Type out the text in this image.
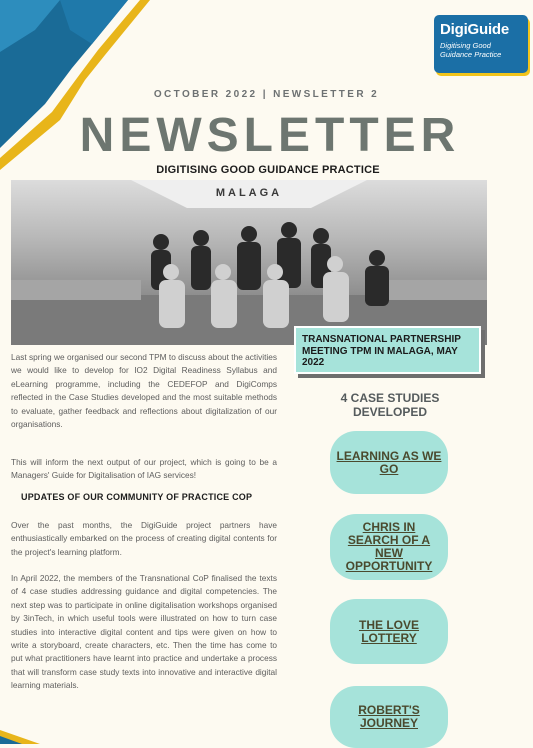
DigiGuide
Digitising Good Guidance Practice
OCTOBER 2022 | NEWSLETTER 2
NEWSLETTER
DIGITISING GOOD GUIDANCE PRACTICE
MALAGA
TRANSNATIONAL PARTNERSHIP MEETING TPM IN MALAGA, MAY 2022
Last spring we organised our second TPM to discuss about the activities we would like to develop for IO2 Digital Readiness Syllabus and eLearning programme, including the CEDEFOP and DigiComps reflected in the Case Studies developed and the most suitable methods to evaluate, gather feedback and reflections about digitalization of our organisations.
This will inform the next output of our project, which is going to be a Managers' Guide for Digitalisation of IAG services!
UPDATES OF OUR COMMUNITY OF PRACTICE COP
Over the past months, the DigiGuide project partners have enthusiastically embarked on the process of creating digital contents for the project's learning platform.
In April 2022, the members of the Transnational CoP finalised the texts of 4 case studies addressing guidance and digital competencies. The next step was to participate in online digitalisation workshops organised by 3inTech, in which useful tools were illustrated on how to turn case studies into interactive digital content and tips were given on how to write a storyboard, create characters, etc. Then the time has come to put what practitioners have learnt into practice and undertake a process that will transform case study texts into innovative and interactive digital learning materials.
4 CASE STUDIES DEVELOPED
LEARNING AS WE GO
CHRIS IN SEARCH OF A NEW OPPORTUNITY
THE LOVE LOTTERY
ROBERT'S JOURNEY
